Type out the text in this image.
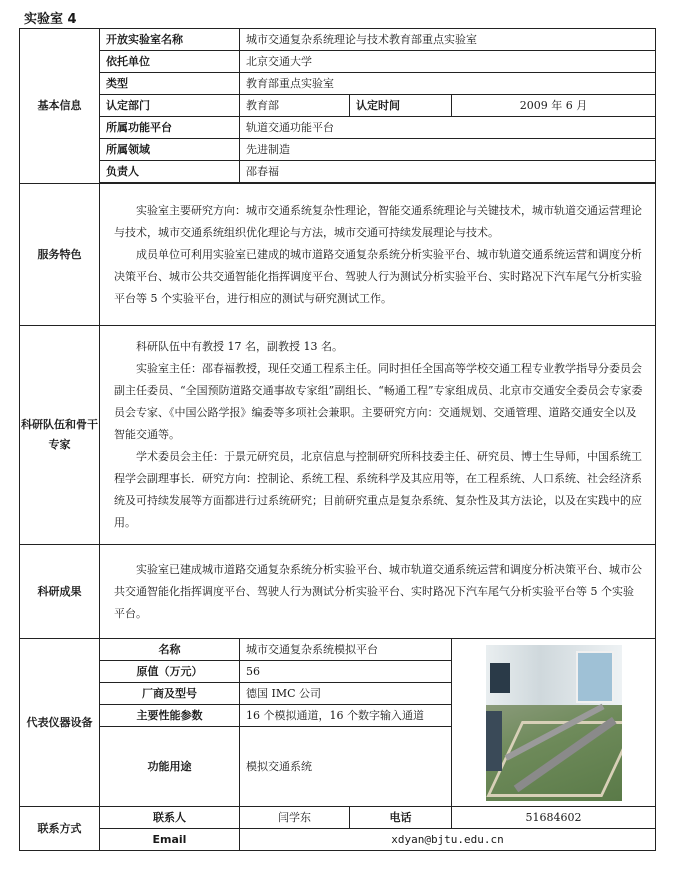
实验室 4
基本信息	开放实验室名称	城市交通复杂系统理论与技术教育部重点实验室		
	依托单位	北京交通大学		
	类型	教育部重点实验室		
	认定部门	教育部	认定时间	2009 年 6 月
	所属功能平台	轨道交通功能平台		
	所属领域	先进制造		
	负责人	邵春福		

服务特色	实验室主要研究方向：城市交通系统复杂性理论，智能交通系统理论与关键技术，城市轨道交通运营理论与技术，城市交通系统组织优化理论与方法，城市交通可持续发展理论与技术。

成员单位可利用实验室已建成的城市道路交通复杂系统分析实验平台、城市轨道交通系统运营和调度分析决策平台、城市公共交通智能化指挥调度平台、驾驶人行为测试分析实验平台、实时路况下汽车尾气分析实验平台等 5 个实验平台，进行相应的测试与研究测试工作。			

科研队伍和骨干专家	科研队伍中有教授 17 名，副教授 13 名。

实验室主任：邵春福教授，现任交通工程系主任。同时担任全国高等学校交通工程专业教学指导分委员会副主任委员、“全国预防道路交通事故专家组”副组长、“畅通工程”专家组成员、北京市交通安全委员会专家委员会专家、《中国公路学报》编委等多项社会兼职。主要研究方向：交通规划、交通管理、道路交通安全以及智能交通等。

学术委员会主任：于景元研究员，北京信息与控制研究所科技委主任、研究员、博士生导师，中国系统工程学会副理事长．研究方向：控制论、系统工程、系统科学及其应用等，在工程系统、人口系统、社会经济系统及可持续发展等方面都进行过系统研究；目前研究重点是复杂系统、复杂性及其方法论，以及在实践中的应用。			

科研成果	实验室已建成城市道路交通复杂系统分析实验平台、城市轨道交通系统运营和调度分析决策平台、城市公共交通智能化指挥调度平台、驾驶人行为测试分析实验平台、实时路况下汽车尾气分析实验平台等 5 个实验平台。			

代表仪器设备	名称	城市交通复杂系统模拟平台		

	原值（万元）	56		
	厂商及型号	德国 IMC 公司		
	主要性能参数	16 个模拟通道，16 个数字输入通道		
	功能用途	模拟交通系统		
联系方式	联系人	闫学东	电话	51684602
	Email	xdyan@bjtu.edu.cn		
